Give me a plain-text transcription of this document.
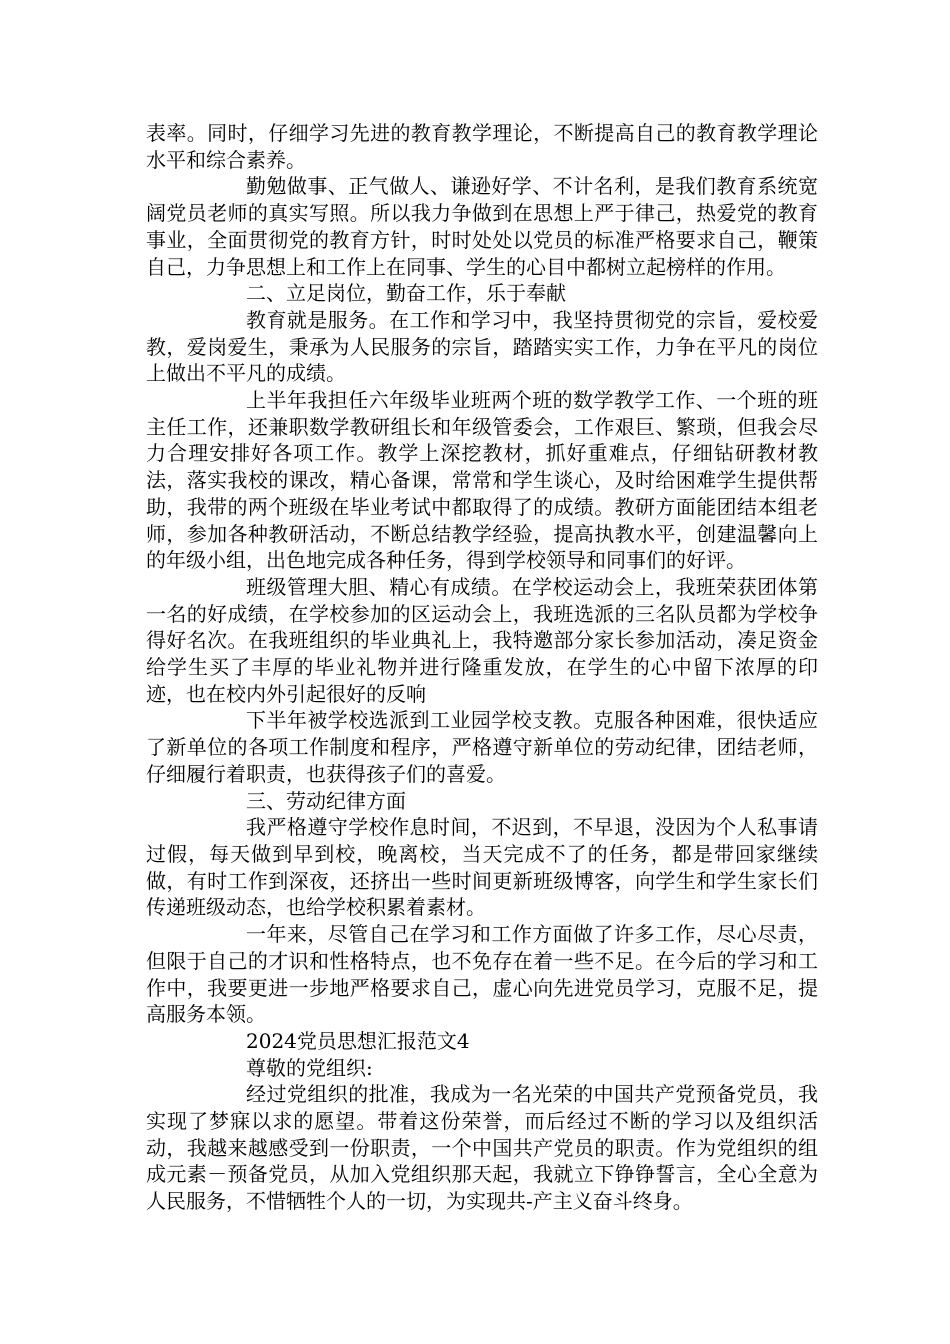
表率。同时，仔细学习先进的教育教学理论，不断提高自己的教育教学理论水平和综合素养。

勤勉做事、正气做人、谦逊好学、不计名利，是我们教育系统宽阔党员老师的真实写照。所以我力争做到在思想上严于律己，热爱党的教育事业，全面贯彻党的教育方针，时时处处以党员的标准严格要求自己，鞭策自己，力争思想上和工作上在同事、学生的心目中都树立起榜样的作用。

二、立足岗位，勤奋工作，乐于奉献

教育就是服务。在工作和学习中，我坚持贯彻党的宗旨，爱校爱教，爱岗爱生，秉承为人民服务的宗旨，踏踏实实工作，力争在平凡的岗位上做出不平凡的成绩。

上半年我担任六年级毕业班两个班的数学教学工作、一个班的班主任工作，还兼职数学教研组长和年级管委会，工作艰巨、繁琐，但我会尽力合理安排好各项工作。教学上深挖教材，抓好重难点，仔细钻研教材教法，落实我校的课改，精心备课，常常和学生谈心，及时给困难学生提供帮助，我带的两个班级在毕业考试中都取得了的成绩。教研方面能团结本组老师，参加各种教研活动，不断总结教学经验，提高执教水平，创建温馨向上的年级小组，出色地完成各种任务，得到学校领导和同事们的好评。

班级管理大胆、精心有成绩。在学校运动会上，我班荣获团体第一名的好成绩，在学校参加的区运动会上，我班选派的三名队员都为学校争得好名次。在我班组织的毕业典礼上，我特邀部分家长参加活动，凑足资金给学生买了丰厚的毕业礼物并进行隆重发放，在学生的心中留下浓厚的印迹，也在校内外引起很好的反响

下半年被学校选派到工业园学校支教。克服各种困难，很快适应了新单位的各项工作制度和程序，严格遵守新单位的劳动纪律，团结老师，仔细履行着职责，也获得孩子们的喜爱。

三、劳动纪律方面

我严格遵守学校作息时间，不迟到，不早退，没因为个人私事请过假，每天做到早到校，晚离校，当天完成不了的任务，都是带回家继续做，有时工作到深夜，还挤出一些时间更新班级博客，向学生和学生家长们传递班级动态，也给学校积累着素材。

一年来，尽管自己在学习和工作方面做了许多工作，尽心尽责，但限于自己的才识和性格特点，也不免存在着一些不足。在今后的学习和工作中，我要更进一步地严格要求自己，虚心向先进党员学习，克服不足，提高服务本领。

2024党员思想汇报范文4

尊敬的党组织:

经过党组织的批准，我成为一名光荣的中国共产党预备党员，我实现了梦寐以求的愿望。带着这份荣誉，而后经过不断的学习以及组织活动，我越来越感受到一份职责，一个中国共产党员的职责。作为党组织的组成元素－预备党员，从加入党组织那天起，我就立下铮铮誓言，全心全意为人民服务，不惜牺牲个人的一切，为实现共-产主义奋斗终身。
